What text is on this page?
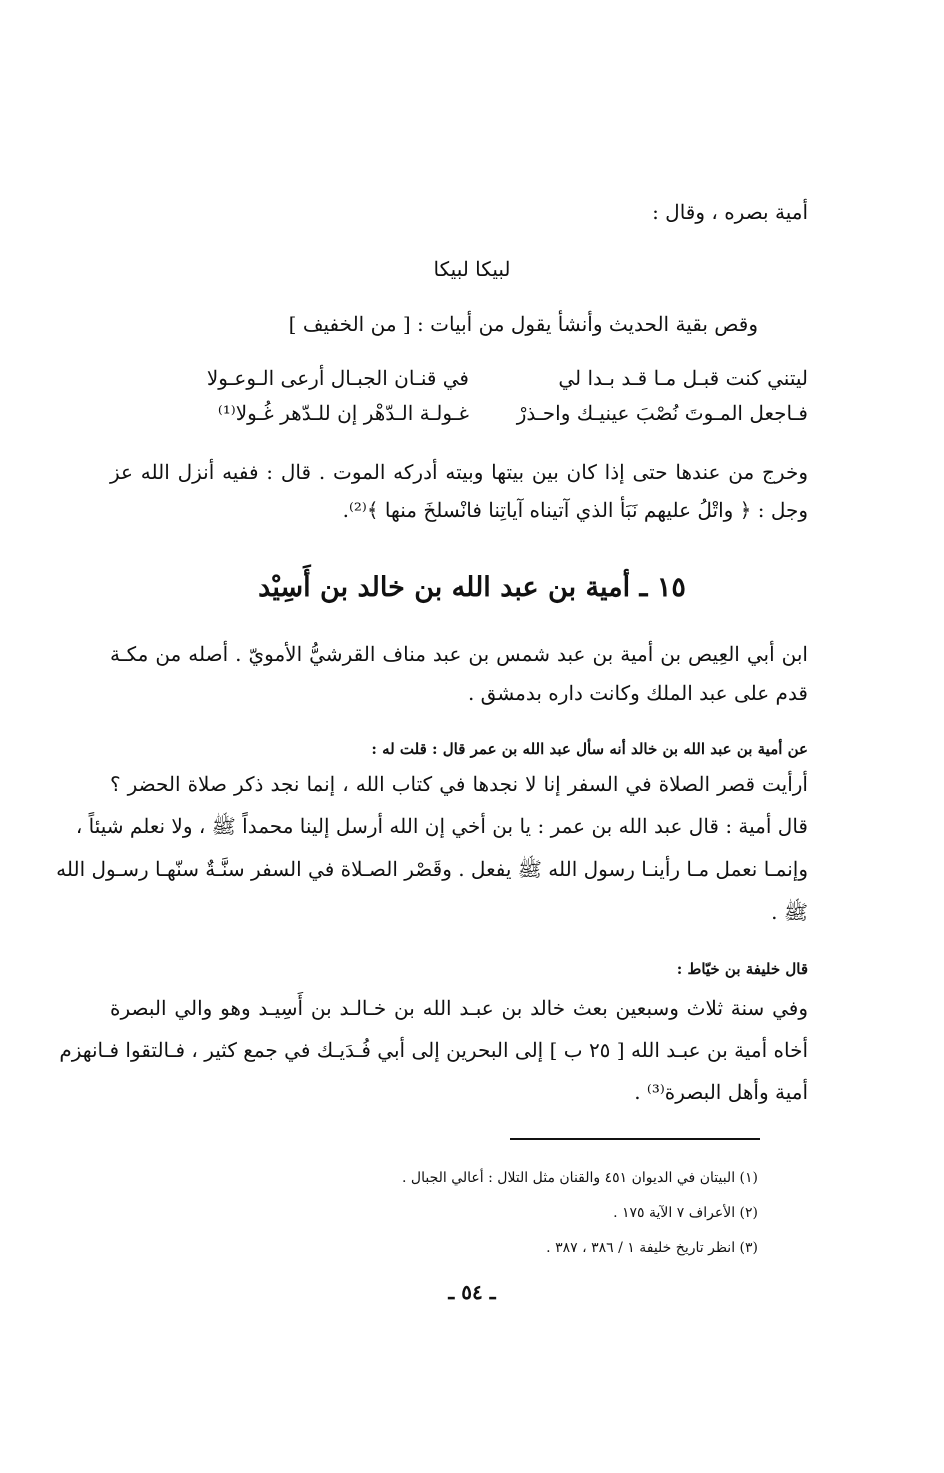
أمية بصره ، وقال :
لبيكا لبيكا
وقص بقية الحديث وأنشأ يقول من أبيات : [ من الخفيف ]
ليتني كنت قبـل مـا قـد بـدا لي
في قنـان الجبـال أرعى الـوعـولا
فـاجعل المـوتَ نُصْبَ عينيـك واحـذرْ
غـولـة الـدّهْر إن للـدّهر غُـولا⁽¹⁾
وخرج من عندها حتى إذا كان بين بيتها وبيته أدركه الموت . قال : ففيه أنزل الله عز
وجل : ﴿ واتْلُ عليهم نَبَأ الذي آتيناه آياتِنا فانْسلخَ منها ﴾⁽²⁾.
١٥ ـ أمية بن عبد الله بن خالد بن أَسِيْد
ابن أبي العِيص بن أمية بن عبد شمس بن عبد مناف القرشيُّ الأمويّ . أصله من مكـة
قدم على عبد الملك وكانت داره بدمشق .
عن أمية بن عبد الله بن خالد أنه سأل عبد الله بن عمر قال : قلت له :
أرأيت قصر الصلاة في السفر إنا لا نجدها في كتاب الله ، إنما نجد ذكر صلاة الحضر ؟
قال أمية : قال عبد الله بن عمر : يا بن أخي إن الله أرسل إلينا محمداً ﷺ ، ولا نعلم شيئاً ،
وإنمـا نعمل مـا رأينـا رسول الله ﷺ يفعل . وقَصْر الصـلاة في السفر سنَّـةٌ سنّهـا رسـول الله
ﷺ .
قال خليفة بن خيّاط :
وفي سنة ثلاث وسبعين بعث خالد بن عبـد الله بن خـالـد بن أَسِيـد وهو والي البصرة
أخاه أمية بن عبـد الله [ ٢٥ ب ] إلى البحرين إلى أبي فُـدَيـك في جمع كثير ، فـالتقوا فـانهزم
أمية وأهل البصرة⁽³⁾ .
(١) البيتان في الديوان ٤٥١ والقنان مثل التلال : أعالي الجبال .
(٢) الأعراف ٧ الآية ١٧٥ .
(٣) انظر تاريخ خليفة ١ / ٣٨٦ ، ٣٨٧ .
ـ ٥٤ ـ
